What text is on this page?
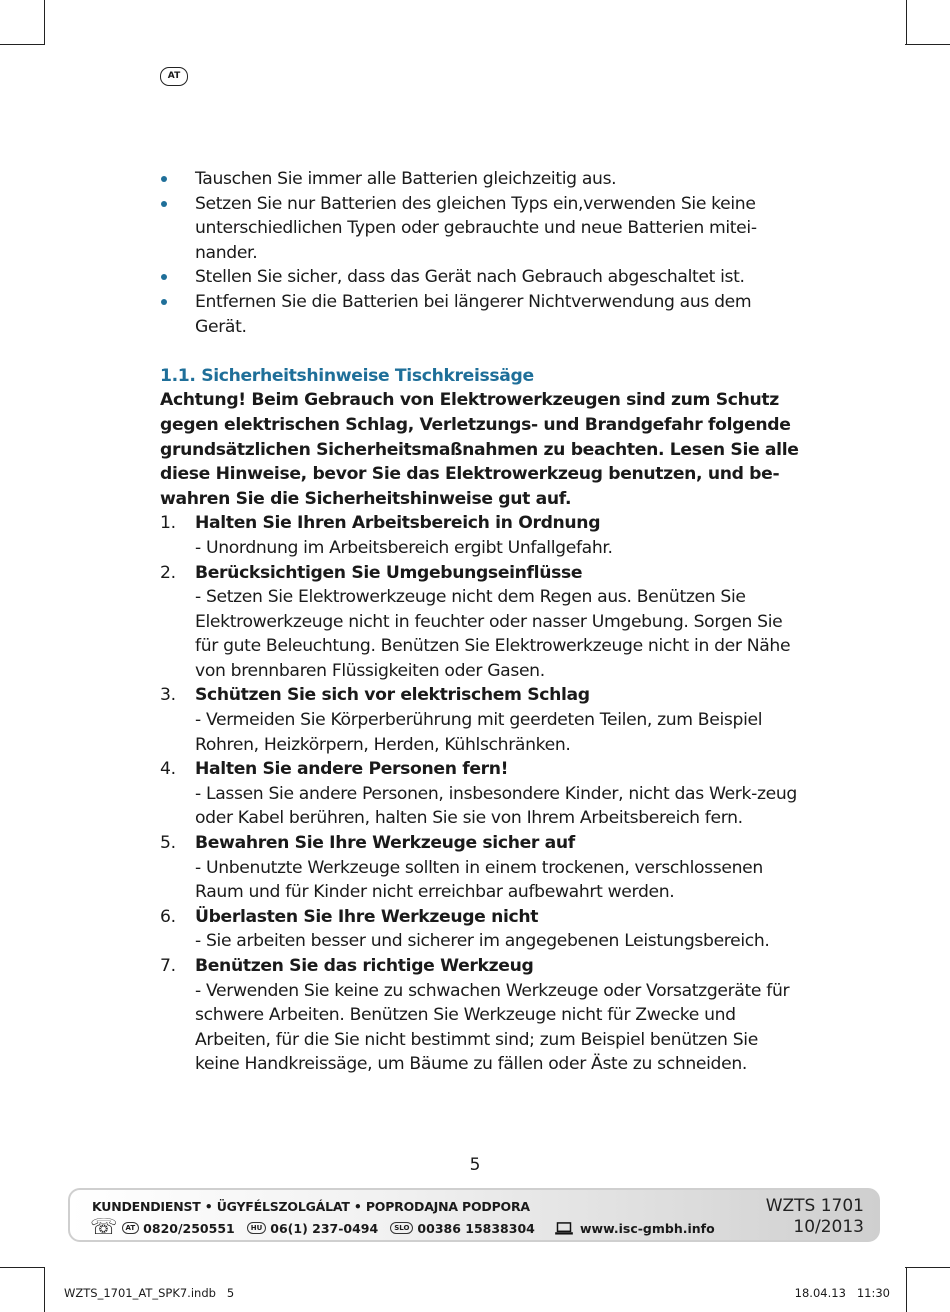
AT
Tauschen Sie immer alle Batterien gleichzeitig aus.
Setzen Sie nur Batterien des gleichen Typs ein,verwenden Sie keine unterschiedlichen Typen oder gebrauchte und neue Batterien mitei-nander.
Stellen Sie sicher, dass das Gerät nach Gebrauch abgeschaltet ist.
Entfernen Sie die Batterien bei längerer Nichtverwendung aus dem Gerät.
1.1. Sicherheitshinweise Tischkreissäge
Achtung! Beim Gebrauch von Elektrowerkzeugen sind zum Schutz gegen elektrischen Schlag, Verletzungs- und Brandgefahr folgende grundsätzlichen Sicherheitsmaßnahmen zu beachten. Lesen Sie alle diese Hinweise, bevor Sie das Elektrowerkzeug benutzen, und be-wahren Sie die Sicherheitshinweise gut auf.
1. Halten Sie Ihren Arbeitsbereich in Ordnung
- Unordnung im Arbeitsbereich ergibt Unfallgefahr.
2. Berücksichtigen Sie Umgebungseinflüsse
- Setzen Sie Elektrowerkzeuge nicht dem Regen aus. Benützen Sie Elektrowerkzeuge nicht in feuchter oder nasser Umgebung. Sorgen Sie für gute Beleuchtung. Benützen Sie Elektrowerkzeuge nicht in der Nähe von brennbaren Flüssigkeiten oder Gasen.
3. Schützen Sie sich vor elektrischem Schlag
- Vermeiden Sie Körperberührung mit geerdeten Teilen, zum Beispiel Rohren, Heizkörpern, Herden, Kühlschränken.
4. Halten Sie andere Personen fern!
- Lassen Sie andere Personen, insbesondere Kinder, nicht das Werk-zeug oder Kabel berühren, halten Sie sie von Ihrem Arbeitsbereich fern.
5. Bewahren Sie Ihre Werkzeuge sicher auf
- Unbenutzte Werkzeuge sollten in einem trockenen, verschlossenen Raum und für Kinder nicht erreichbar aufbewahrt werden.
6. Überlasten Sie Ihre Werkzeuge nicht
- Sie arbeiten besser und sicherer im angegebenen Leistungsbereich.
7. Benützen Sie das richtige Werkzeug
- Verwenden Sie keine zu schwachen Werkzeuge oder Vorsatzgeräte für schwere Arbeiten. Benützen Sie Werkzeuge nicht für Zwecke und Arbeiten, für die Sie nicht bestimmt sind; zum Beispiel benützen Sie keine Handkreissäge, um Bäume zu fällen oder Äste zu schneiden.
5
KUNDENDIENST • ÜGYFÉLSZOLGÁLAT • POPRODAJNA PODPORA
☏	AT 0820/250551	HU 06(1) 237-0494	SLO 00386 15838304	www.isc-gmbh.info
WZTS 1701
10/2013
WZTS_1701_AT_SPK7.indb   5	18.04.13   11:30
